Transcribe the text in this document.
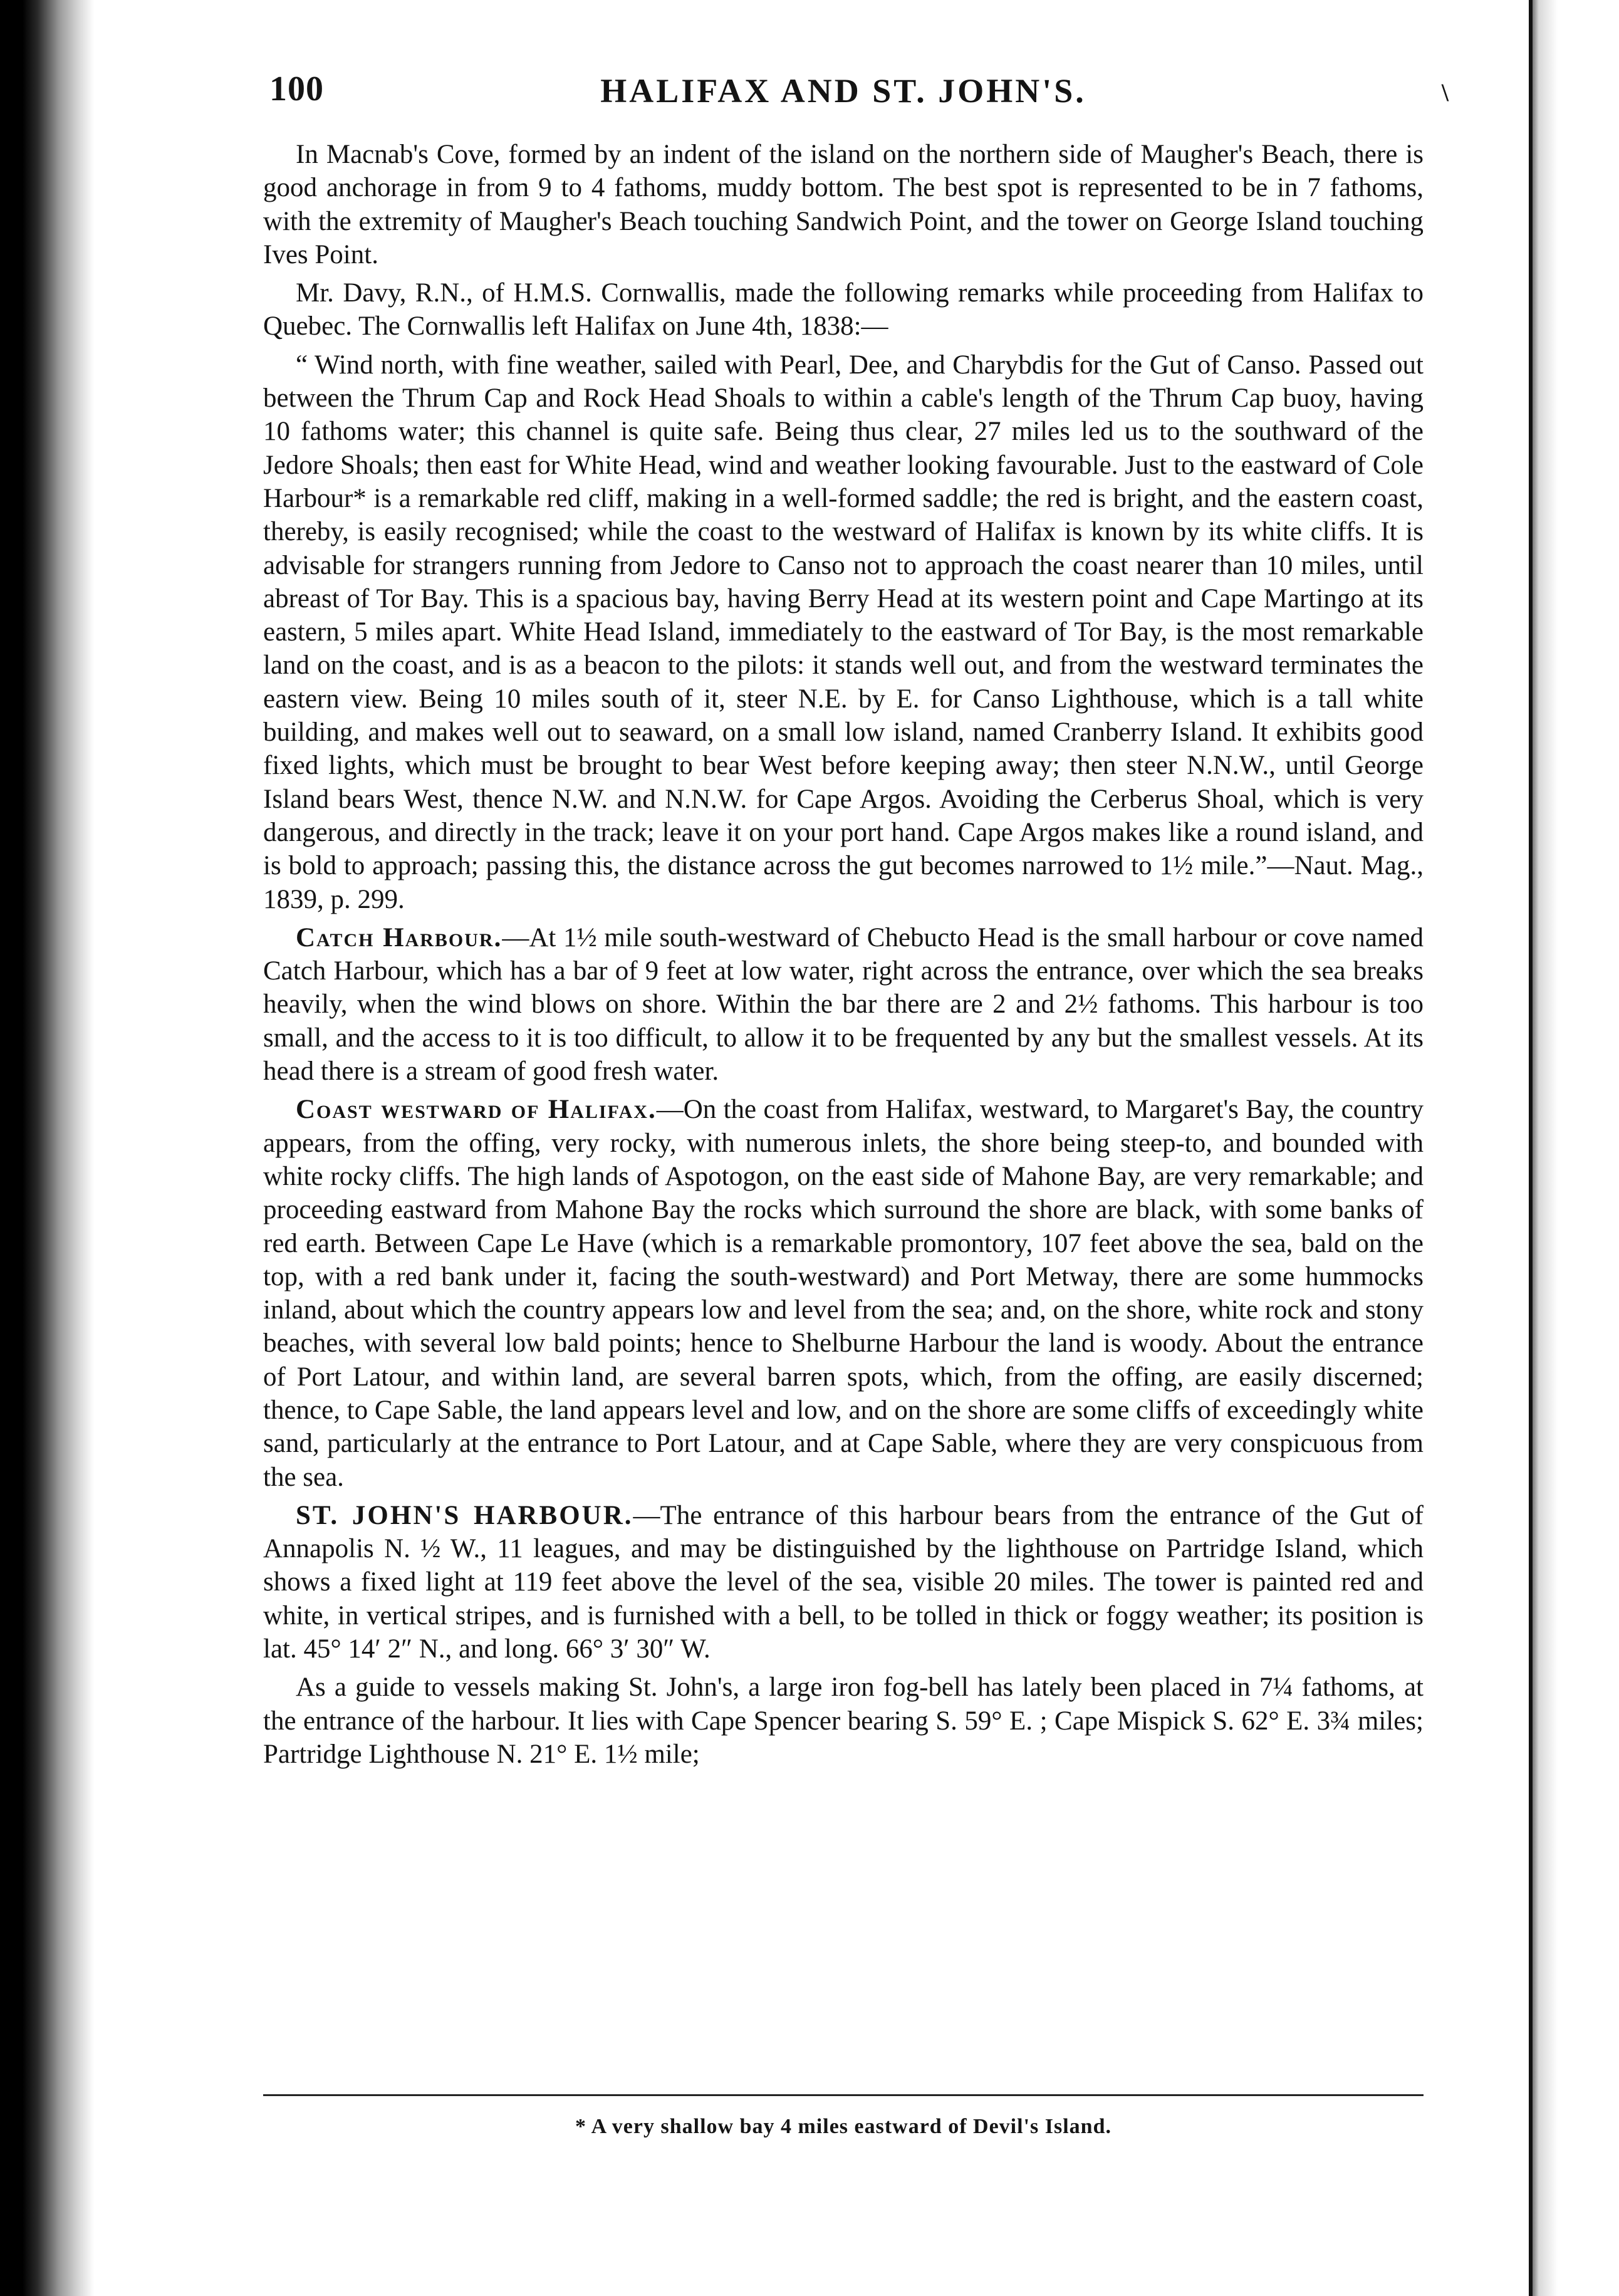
100	HALIFAX AND ST. JOHN'S.	\

In Macnab's Cove, formed by an indent of the island on the northern side of Maugher's Beach, there is good anchorage in from 9 to 4 fathoms, muddy bottom. The best spot is represented to be in 7 fathoms, with the extremity of Maugher's Beach touching Sandwich Point, and the tower on George Island touching Ives Point.

Mr. Davy, R.N., of H.M.S. Cornwallis, made the following remarks while proceeding from Halifax to Quebec. The Cornwallis left Halifax on June 4th, 1838:—

“ Wind north, with fine weather, sailed with Pearl, Dee, and Charybdis for the Gut of Canso. Passed out between the Thrum Cap and Rock Head Shoals to within a cable's length of the Thrum Cap buoy, having 10 fathoms water; this channel is quite safe. Being thus clear, 27 miles led us to the southward of the Jedore Shoals; then east for White Head, wind and weather looking favourable. Just to the eastward of Cole Harbour* is a remarkable red cliff, making in a well-formed saddle; the red is bright, and the eastern coast, thereby, is easily recognised; while the coast to the westward of Halifax is known by its white cliffs. It is advisable for strangers running from Jedore to Canso not to approach the coast nearer than 10 miles, until abreast of Tor Bay. This is a spacious bay, having Berry Head at its western point and Cape Martingo at its eastern, 5 miles apart. White Head Island, immediately to the eastward of Tor Bay, is the most remarkable land on the coast, and is as a beacon to the pilots: it stands well out, and from the westward terminates the eastern view. Being 10 miles south of it, steer N.E. by E. for Canso Lighthouse, which is a tall white building, and makes well out to seaward, on a small low island, named Cranberry Island. It exhibits good fixed lights, which must be brought to bear West before keeping away; then steer N.N.W., until George Island bears West, thence N.W. and N.N.W. for Cape Argos. Avoiding the Cerberus Shoal, which is very dangerous, and directly in the track; leave it on your port hand. Cape Argos makes like a round island, and is bold to approach; passing this, the distance across the gut becomes narrowed to 1½ mile.”—Naut. Mag., 1839, p. 299.

Catch Harbour.—At 1½ mile south-westward of Chebucto Head is the small harbour or cove named Catch Harbour, which has a bar of 9 feet at low water, right across the entrance, over which the sea breaks heavily, when the wind blows on shore. Within the bar there are 2 and 2½ fathoms. This harbour is too small, and the access to it is too difficult, to allow it to be frequented by any but the smallest vessels. At its head there is a stream of good fresh water.

Coast westward of Halifax.—On the coast from Halifax, westward, to Margaret's Bay, the country appears, from the offing, very rocky, with numerous inlets, the shore being steep-to, and bounded with white rocky cliffs. The high lands of Aspotogon, on the east side of Mahone Bay, are very remarkable; and proceeding eastward from Mahone Bay the rocks which surround the shore are black, with some banks of red earth. Between Cape Le Have (which is a remarkable promontory, 107 feet above the sea, bald on the top, with a red bank under it, facing the south-westward) and Port Metway, there are some hummocks inland, about which the country appears low and level from the sea; and, on the shore, white rock and stony beaches, with several low bald points; hence to Shelburne Harbour the land is woody. About the entrance of Port Latour, and within land, are several barren spots, which, from the offing, are easily discerned; thence, to Cape Sable, the land appears level and low, and on the shore are some cliffs of exceedingly white sand, particularly at the entrance to Port Latour, and at Cape Sable, where they are very conspicuous from the sea.

ST. JOHN'S HARBOUR.—The entrance of this harbour bears from the entrance of the Gut of Annapolis N. ½ W., 11 leagues, and may be distinguished by the lighthouse on Partridge Island, which shows a fixed light at 119 feet above the level of the sea, visible 20 miles. The tower is painted red and white, in vertical stripes, and is furnished with a bell, to be tolled in thick or foggy weather; its position is lat. 45° 14′ 2″ N., and long. 66° 3′ 30″ W.

As a guide to vessels making St. John's, a large iron fog-bell has lately been placed in 7¼ fathoms, at the entrance of the harbour. It lies with Cape Spencer bearing S. 59° E. ; Cape Mispick S. 62° E. 3¾ miles; Partridge Lighthouse N. 21° E. 1½ mile;

* A very shallow bay 4 miles eastward of Devil's Island.
